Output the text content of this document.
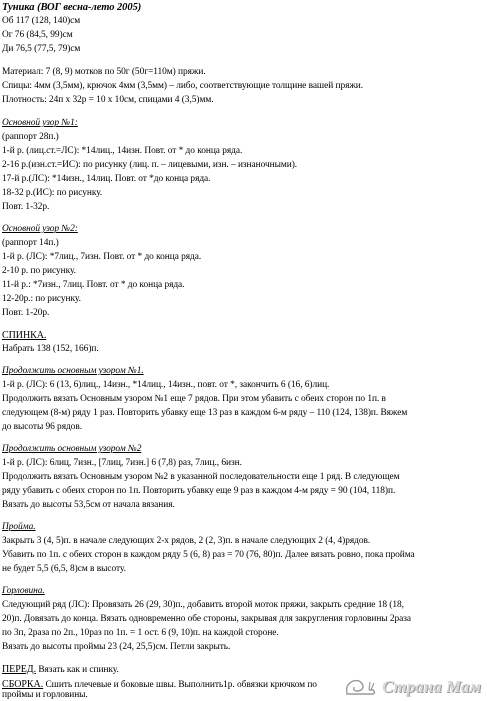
Туника (ВОГ весна-лето 2005)
Об 117 (128, 140)см
Ог 76 (84,5, 99)см
Ди 76,5 (77,5, 79)см
Материал: 7 (8, 9) мотков по 50г (50г=110м) пряжи.
Спицы: 4мм (3,5мм), крючок 4мм (3,5мм) – либо, соответствующие толщине вашей пряжи.
Плотность: 24п х 32р = 10 х 10см, спицами 4 (3,5)мм.
Основной узор №1:
(раппорт 28п.)
1-й р. (лиц.ст.=ЛС): *14лиц., 14изн. Повт. от * до конца ряда.
2-16 р.(изн.ст.=ИС): по рисунку (лиц. п. – лицевыми, изн. – изнаночными).
17-й р.(ЛС): *14изн., 14лиц. Повт. от *до конца ряда.
18-32 р.(ИС): по рисунку.
Повт. 1-32р.
Основной узор №2:
(раппорт 14п.)
1-й р. (ЛС): *7лиц., 7изн. Повт. от * до конца ряда.
2-10 р. по рисунку.
11-й р.: *7изн., 7лиц. Повт. от * до конца ряда.
12-20р.: по рисунку.
Повт. 1-20р.
СПИНКА.
Набрать 138 (152, 166)п.
Продолжить основным узором №1.
1-й р. (ЛС): 6 (13, 6)лиц., 14изн., *14лиц., 14изн., повт. от *, закончить 6 (16, 6)лиц.
Продолжить вязать Основным узором №1 еще 7 рядов. При этом убавить с обеих сторон по 1п. в
следующем (8-м) ряду 1 раз. Повторить убавку еще 13 раз в каждом 6-м ряду – 110 (124, 138)п. Вяжем
до высоты 96 рядов.
Продолжить основным узором №2
1-й р. (ЛС): 6лиц, 7изн., [7лиц, 7изн.] 6 (7,8) раз, 7лиц., 6изн.
Продолжить вязать Основным узором №2 в указанной последовательности еще 1 ряд. В следующем
ряду убавить с обеих сторон по 1п. Повторить убавку еще 9 раз в каждом 4-м ряду = 90 (104, 118)п.
Вязать до высоты 53,5см от начала вязания.
Пройма.
Закрыть 3 (4, 5)п. в начале следующих 2-х рядов, 2 (2, 3)п. в начале следующих 2 (4, 4)рядов.
Убавить по 1п. с обеих сторон в каждом ряду 5 (6, 8) раз = 70 (76, 80)п. Далее вязать ровно, пока пройма
не будет 5,5 (6,5, 8)см в высоту.
Горловина.
Следующий ряд (ЛС): Провязать 26 (29, 30)п., добавить второй моток пряжи, закрыть средние 18 (18,
20)п. Довязать до конца. Вязать одновременно обе стороны, закрывая для закругления горловины 2раза
по 3п, 2раза по 2п., 10раз по 1п. = 1 ост. 6 (9, 10)п. на каждой стороне.
Вязать до высоты проймы 23 (24, 25,5)см. Петли закрыть.
ПЕРЕД. Вязать как и спинку.
СБОРКА. Сшить плечевые и боковые швы. Выполнить1р. обвязки крючком по
проймы и горловины.	Страна Мам
